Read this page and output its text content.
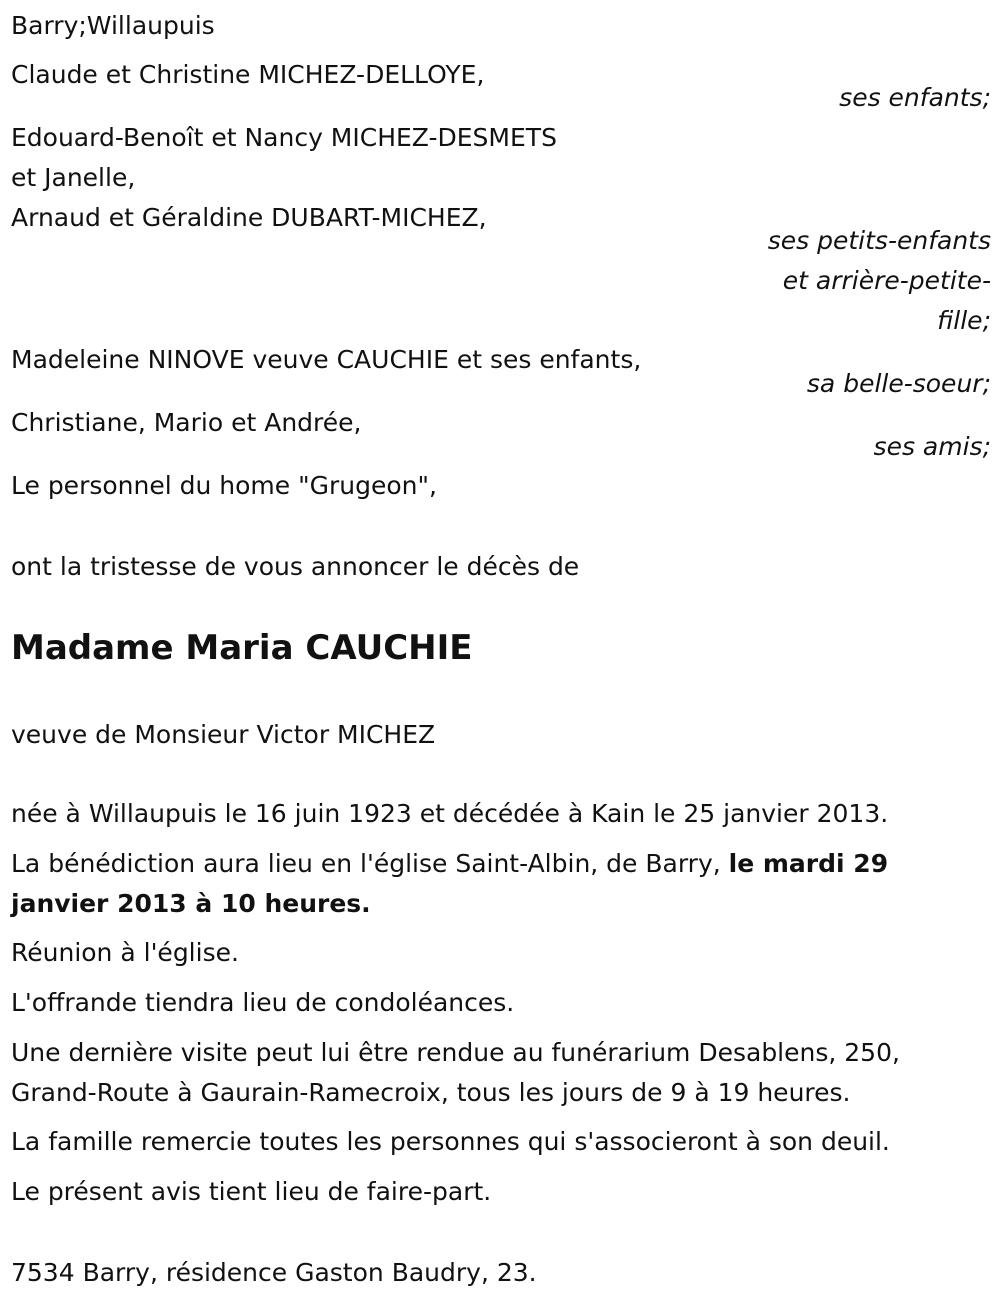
Barry;Willaupuis
Claude et Christine MICHEZ-DELLOYE,
ses enfants;
Edouard-Benoît et Nancy MICHEZ-DESMETS
et Janelle,
Arnaud et Géraldine DUBART-MICHEZ,
ses petits-enfants
et arrière-petite-
fille;
Madeleine NINOVE veuve CAUCHIE et ses enfants,
sa belle-soeur;
Christiane, Mario et Andrée,
ses amis;
Le personnel du home "Grugeon",
ont la tristesse de vous annoncer le décès de
Madame Maria CAUCHIE
veuve de Monsieur Victor MICHEZ
née à Willaupuis le 16 juin 1923 et décédée à Kain le 25 janvier 2013.
La bénédiction aura lieu en l'église Saint-Albin, de Barry, le mardi 29
janvier 2013 à 10 heures.
Réunion à l'église.
L'offrande tiendra lieu de condoléances.
Une dernière visite peut lui être rendue au funérarium Desablens, 250,
Grand-Route à Gaurain-Ramecroix, tous les jours de 9 à 19 heures.
La famille remercie toutes les personnes qui s'associeront à son deuil.
Le présent avis tient lieu de faire-part.
7534 Barry, résidence Gaston Baudry, 23.
